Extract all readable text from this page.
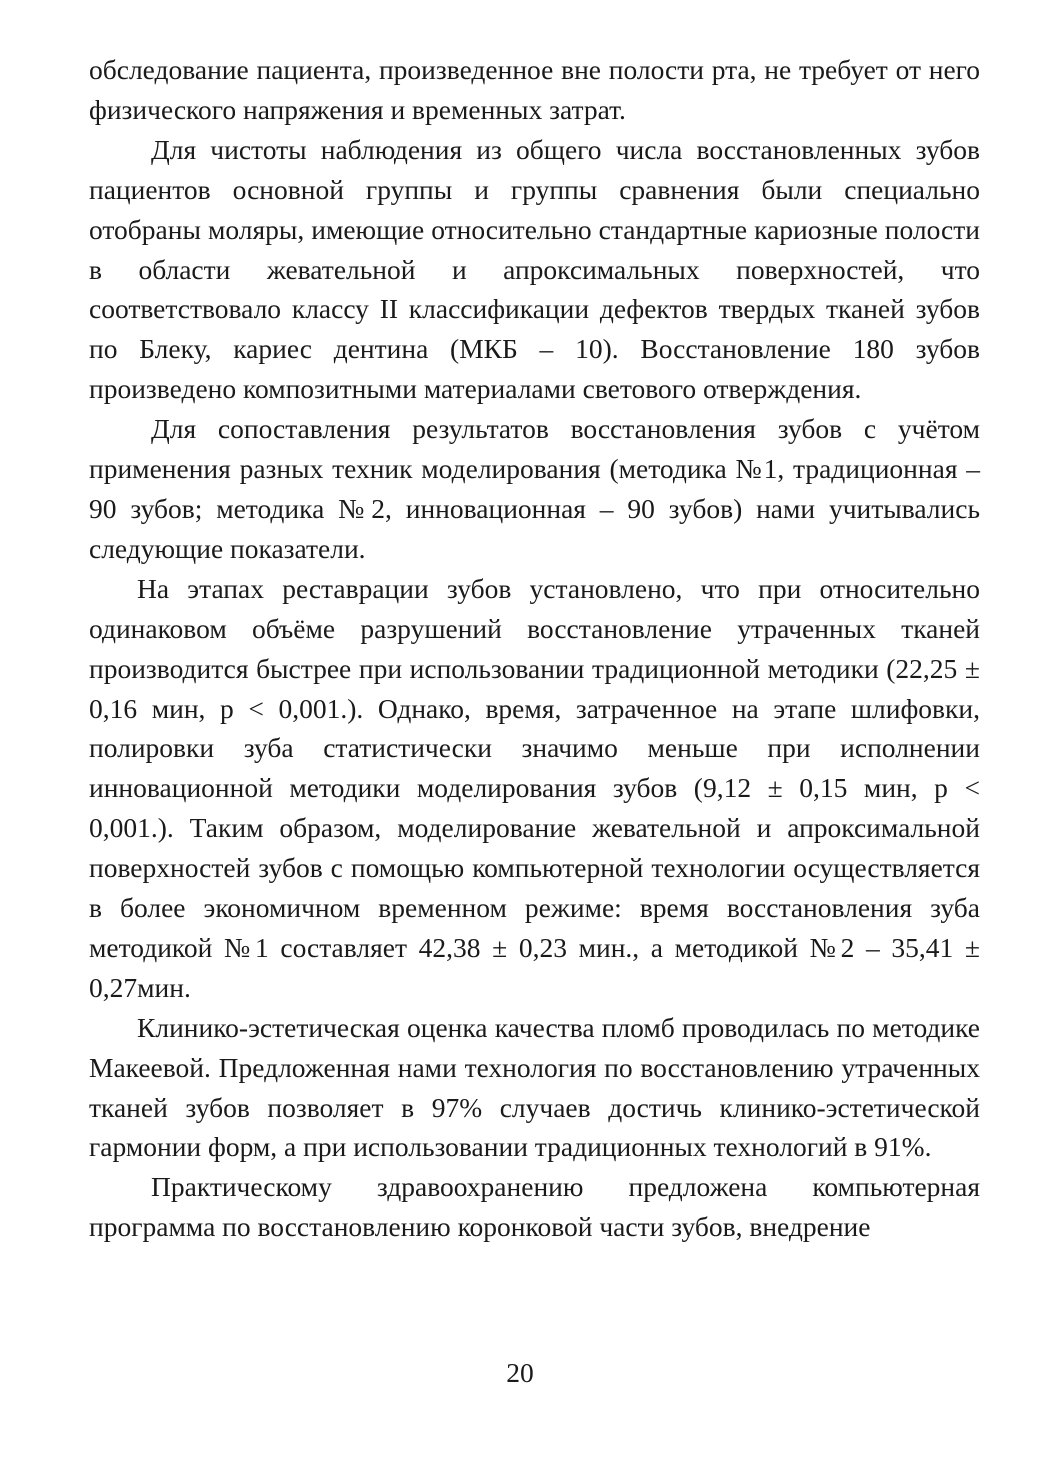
обследование пациента, произведенное вне полости рта, не требует от него физического напряжения и временных затрат.

Для чистоты наблюдения из общего числа восстановленных зубов пациентов основной группы и группы сравнения были специально отобраны моляры, имеющие относительно стандартные кариозные полости в области жевательной и апроксимальных поверхностей, что соответствовало классу II классификации дефектов твердых тканей зубов по Блеку, кариес дентина (МКБ – 10). Восстановление 180 зубов произведено композитными материалами светового отверждения.

Для сопоставления результатов восстановления зубов с учётом применения разных техник моделирования (методика №1, традиционная – 90 зубов; методика №2, инновационная – 90 зубов) нами учитывались следующие показатели.

На этапах реставрации зубов установлено, что при относительно одинаковом объёме разрушений восстановление утраченных тканей производится быстрее при использовании традиционной методики (22,25 ± 0,16 мин, р < 0,001.). Однако, время, затраченное на этапе шлифовки, полировки зуба статистически значимо меньше при исполнении инновационной методики моделирования зубов (9,12 ± 0,15 мин, р < 0,001.). Таким образом, моделирование жевательной и апроксимальной поверхностей зубов с помощью компьютерной технологии осуществляется в более экономичном временном режиме: время восстановления зуба методикой №1 составляет 42,38 ± 0,23 мин., а методикой №2 – 35,41 ± 0,27мин.

Клинико-эстетическая оценка качества пломб проводилась по методике Макеевой. Предложенная нами технология по восстановлению утраченных тканей зубов позволяет в 97% случаев достичь клинико-эстетической гармонии форм, а при использовании традиционных технологий в 91%.

Практическому здравоохранению предложена компьютерная программа по восстановлению коронковой части зубов, внедрение

20
